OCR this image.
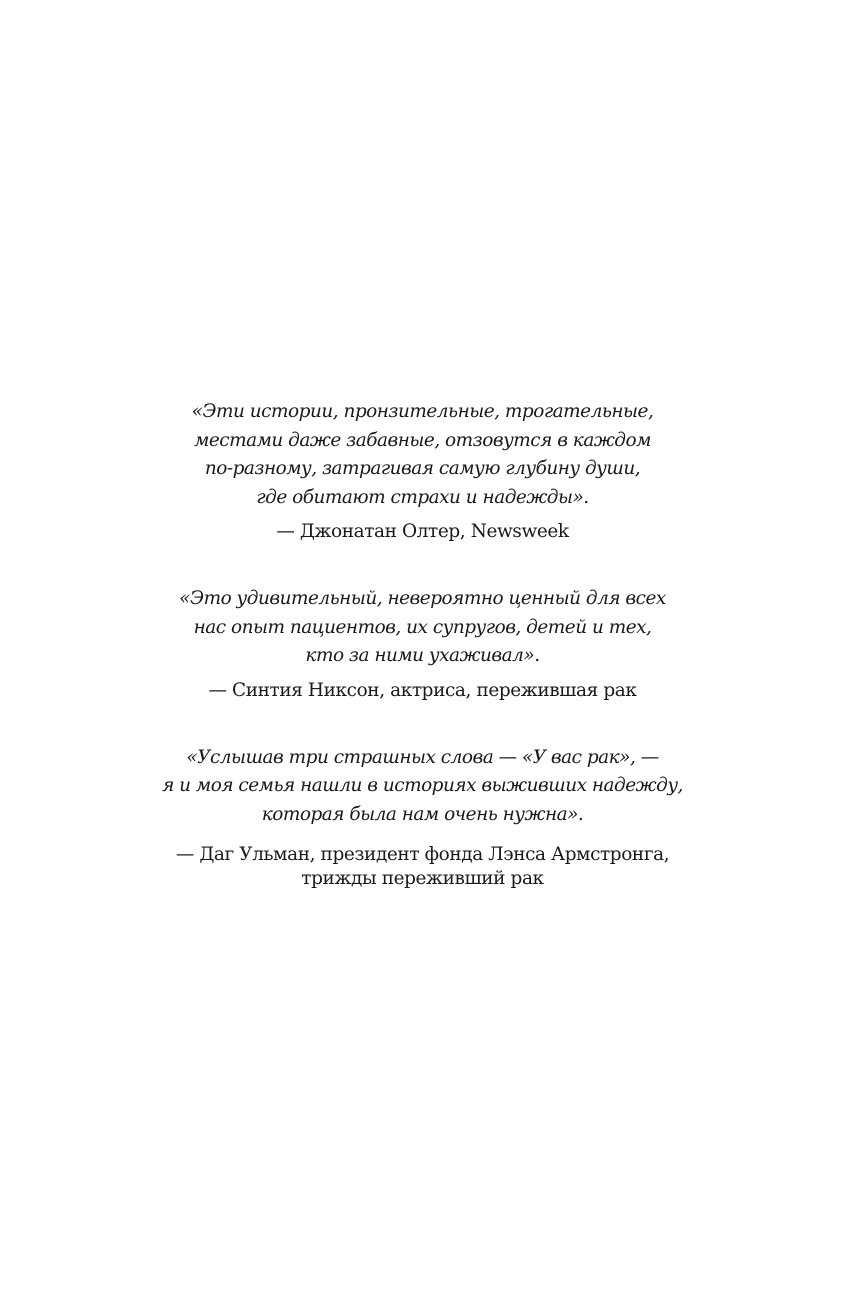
«Эти истории, пронзительные, трогательные,
местами даже забавные, отзовутся в каждом
по-разному, затрагивая самую глубину души,
где обитают страхи и надежды».

— Джонатан Олтер, Newsweek

«Это удивительный, невероятно ценный для всех
нас опыт пациентов, их супругов, детей и тех,
кто за ними ухаживал».

— Синтия Никсон, актриса, пережившая рак

«Услышав три страшных слова — «У вас рак», —
я и моя семья нашли в историях выживших надежду,
которая была нам очень нужна».

— Даг Ульман, президент фонда Лэнса Армстронга,
трижды переживший рак
